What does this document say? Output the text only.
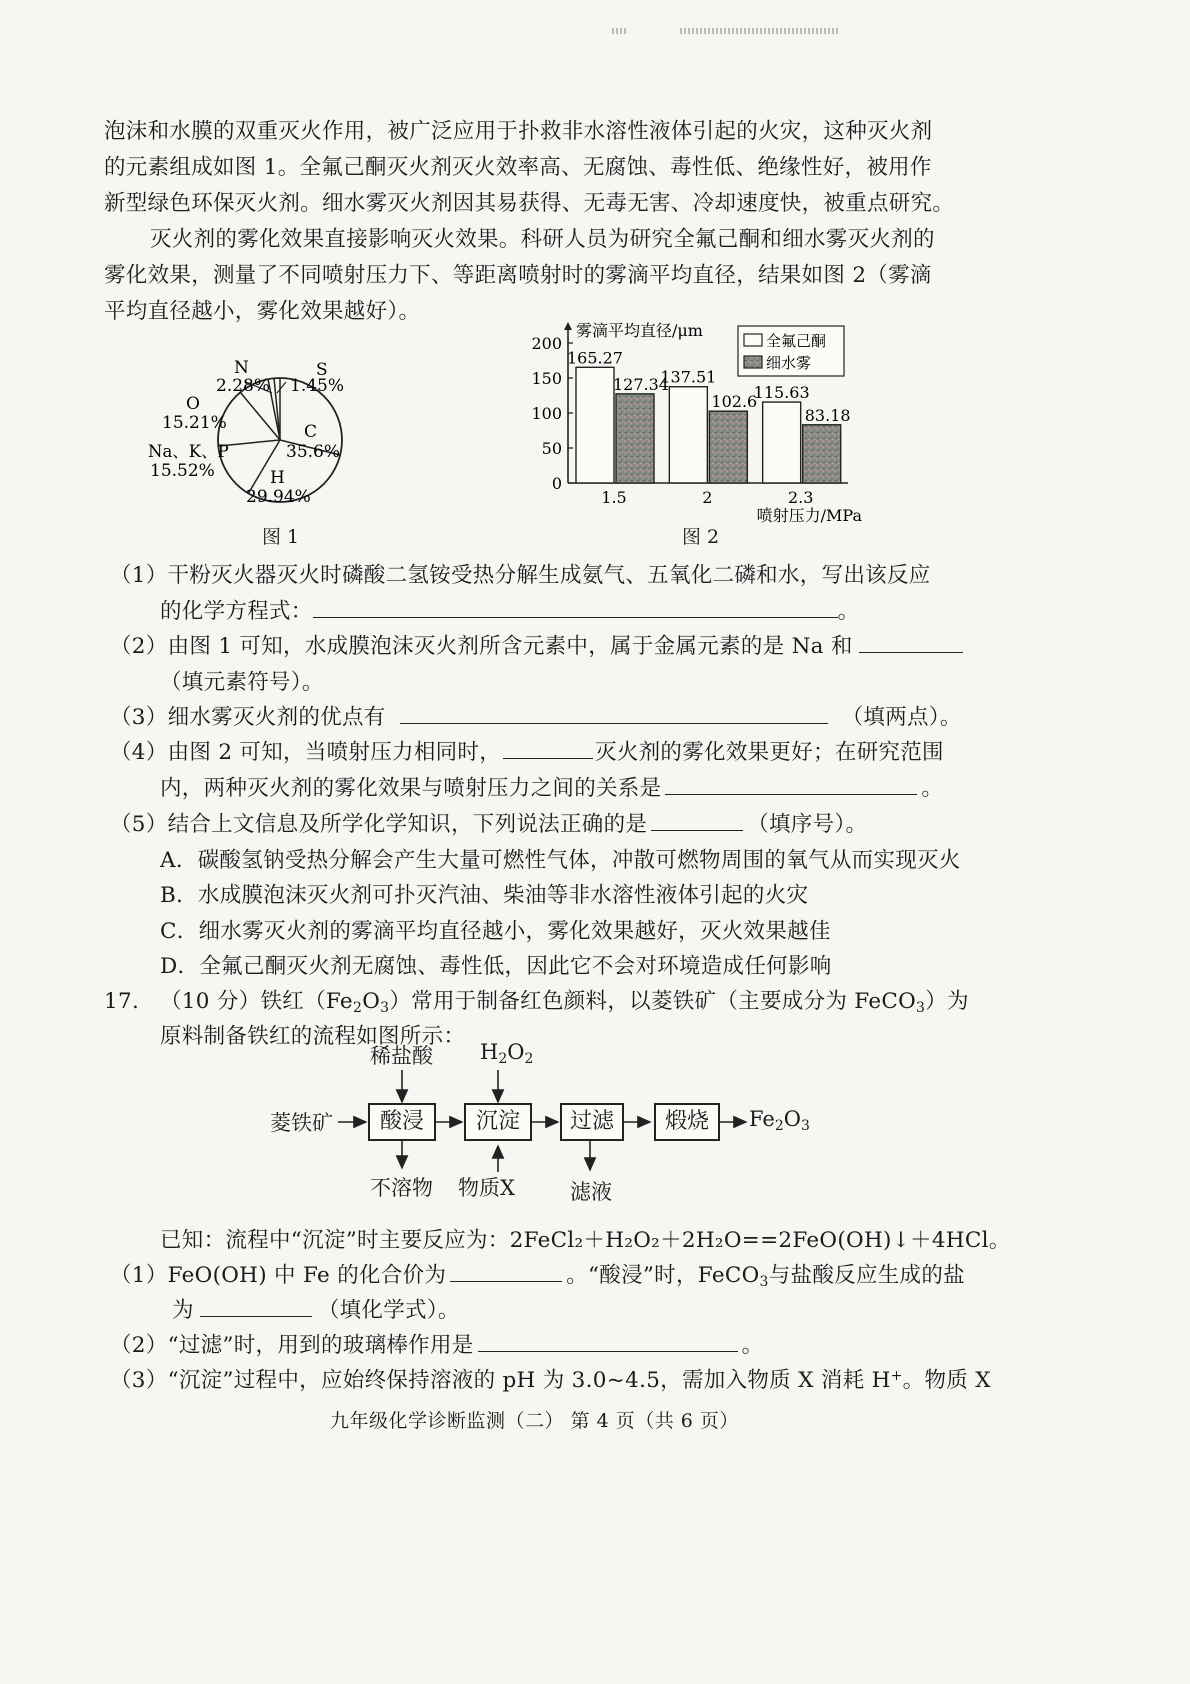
泡沫和水膜的双重灭火作用，被广泛应用于扑救非水溶性液体引起的火灾，这种灭火剂
的元素组成如图 1。全氟己酮灭火剂灭火效率高、无腐蚀、毒性低、绝缘性好，被用作
新型绿色环保灭火剂。细水雾灭火剂因其易获得、无毒无害、冷却速度快，被重点研究。
灭火剂的雾化效果直接影响灭火效果。科研人员为研究全氟己酮和细水雾灭火剂的
雾化效果，测量了不同喷射压力下、等距离喷射时的雾滴平均直径，结果如图 2（雾滴
平均直径越小，雾化效果越好）。
N
2.28%
S
1.45%
O
15.21%	C
35.6%
Na、K、P
15.52%	H
29.94%
图 1
0
50
100
150
200
雾滴平均直径/μm
165.27
127.34
1.5
137.51
102.6
2
115.63
83.18
2.3
喷射压力/MPa
全氟己酮
细水雾
图 2
（1）干粉灭火器灭火时磷酸二氢铵受热分解生成氨气、五氧化二磷和水，写出该反应
的化学方程式：	。
（2）由图 1 可知，水成膜泡沫灭火剂所含元素中，属于金属元素的是 Na 和
（填元素符号）。
（3）细水雾灭火剂的优点有	（填两点）。
（4）由图 2 可知，当喷射压力相同时，	灭火剂的雾化效果更好；在研究范围
内，两种灭火剂的雾化效果与喷射压力之间的关系是	。
（5）结合上文信息及所学化学知识，下列说法正确的是	（填序号）。
A．碳酸氢钠受热分解会产生大量可燃性气体，冲散可燃物周围的氧气从而实现灭火
B．水成膜泡沫灭火剂可扑灭汽油、柴油等非水溶性液体引起的火灾
C．细水雾灭火剂的雾滴平均直径越小，雾化效果越好，灭火效果越佳
D．全氟己酮灭火剂无腐蚀、毒性低，因此它不会对环境造成任何影响
17. （10 分）铁红$(Fe_2O_3)$常用于制备红色颜料，以菱铁矿（主要成分为 FeCO$_3$）为
原料制备铁红的流程如图所示：
稀盐酸 $H_2O_2$
菱铁矿	酸浸	沉淀	过滤	煅烧	$Fe_2O_3$
不溶物 物质X	滤液
已知：流程中“沉淀”时主要反应为：2FeCl₂＋H₂O₂＋2H₂O==2FeO(OH)↓＋4HCl。
（1）FeO(OH) 中 Fe 的化合价为	。“酸浸”时，FeCO$_3$与盐酸反应生成的盐
为	（填化学式）。
（2）“过滤”时，用到的玻璃棒作用是	。
（3）“沉淀”过程中，应始终保持溶液的 pH 为 3.0~4.5，需加入物质 X 消耗 H+。物质 X
九年级化学诊断监测（二） 第 4 页（共 6 页）
